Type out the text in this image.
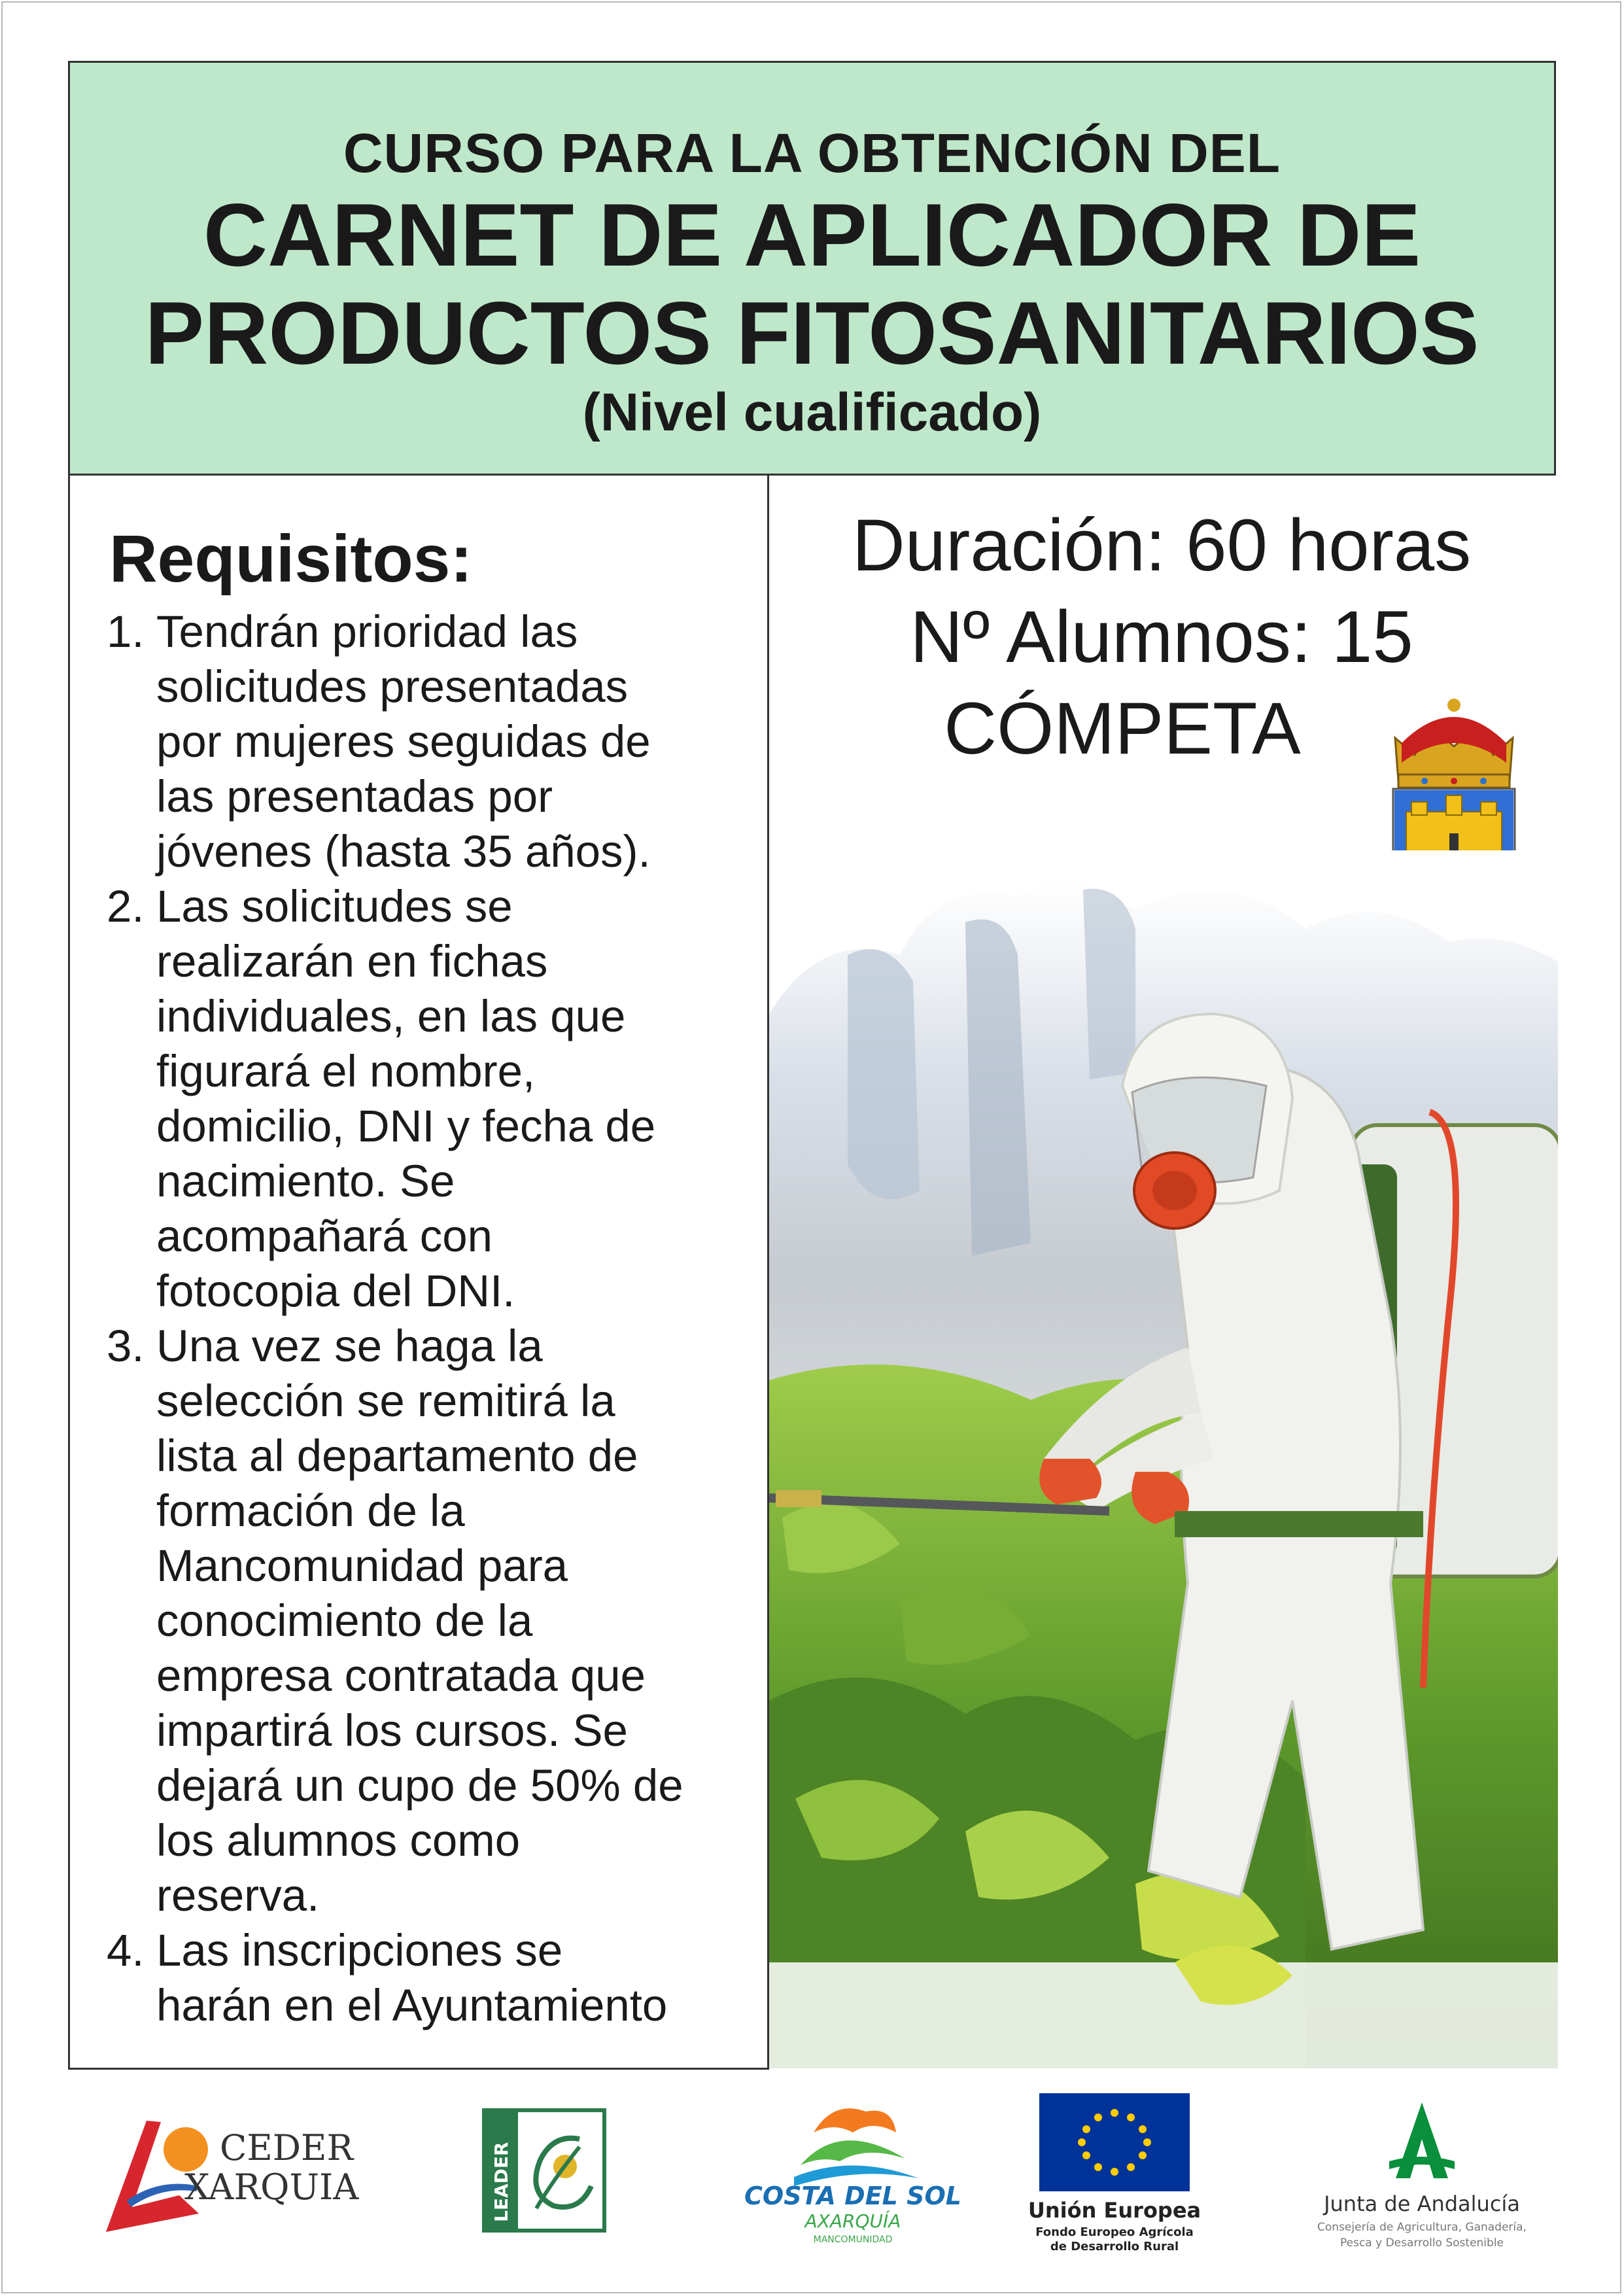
CURSO PARA LA OBTENCIÓN DEL
CARNET DE APLICADOR DE
PRODUCTOS FITOSANITARIOS
(Nivel cualificado)
Requisitos:
1. Tendrán prioridad las
solicitudes presentadas
por mujeres seguidas de
las presentadas por
jóvenes (hasta 35 años).
2. Las solicitudes se
realizarán en fichas
individuales, en las que
figurará el nombre,
domicilio, DNI y fecha de
nacimiento. Se
acompañará con
fotocopia del DNI.
3. Una vez se haga la
selección se remitirá la
lista al departamento de
formación de la
Mancomunidad para
conocimiento de la
empresa contratada que
impartirá los cursos. Se
dejará un cupo de 50% de
los alumnos como
reserva.
4. Las inscripciones se
harán en el Ayuntamiento
Duración: 60 horas
Nº Alumnos: 15
CÓMPETA
CEDER
XARQUIA	LEADER	COSTA DEL SOL
AXARQUÍA
MANCOMUNIDAD
Unión Europea
Fondo Europeo Agrícola
de Desarrollo Rural
Junta de Andalucía
Consejería de Agricultura, Ganadería,
Pesca y Desarrollo Sostenible
